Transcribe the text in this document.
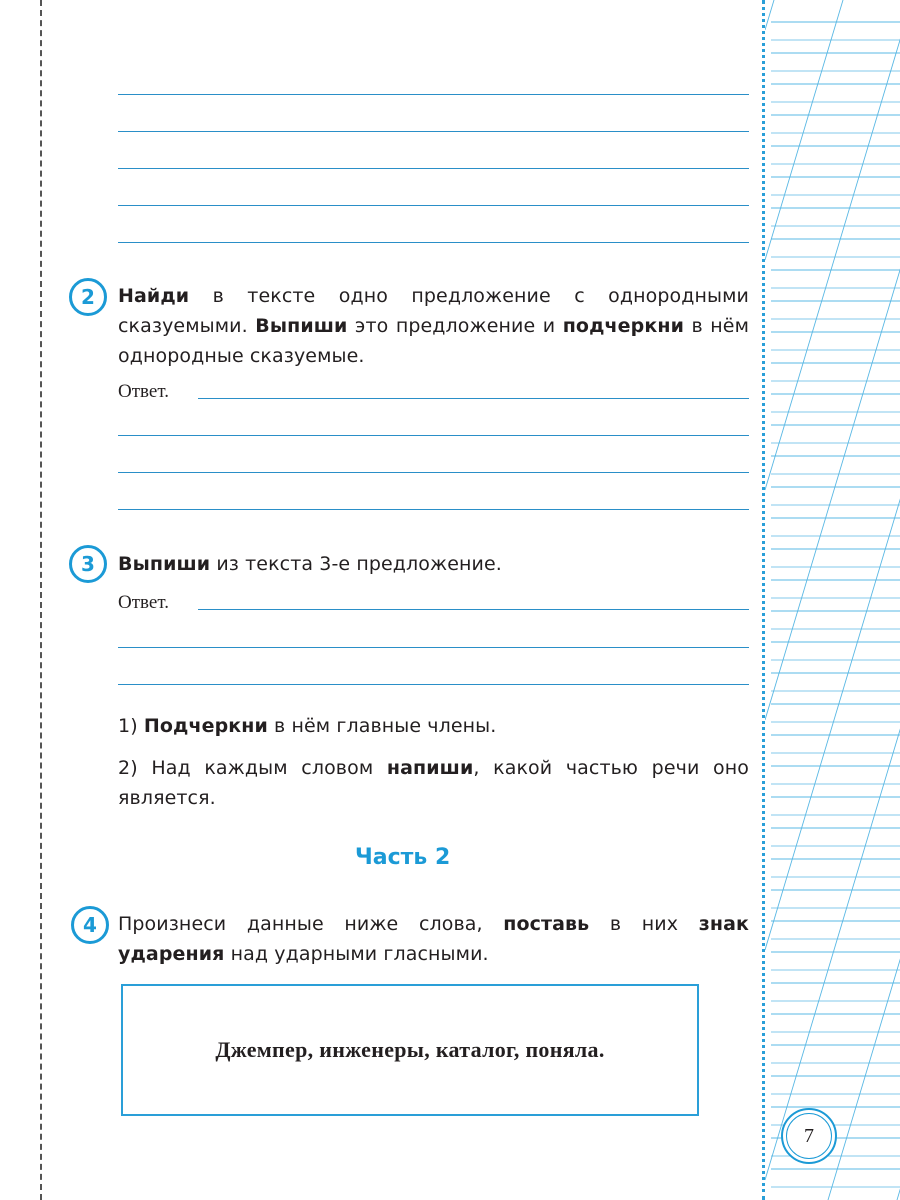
2	Найди в тексте одно предложение с однородными сказуемыми. Выпиши это предложение и подчеркни в нём однородные сказуемые.
Ответ.
3	Выпиши из текста 3-е предложение.
Ответ.
1) Подчеркни в нём главные члены.
2) Над каждым словом напиши, какой частью речи оно является.
Часть 2
4	Произнеси данные ниже слова, поставь в них знак ударения над ударными гласными.
Джемпер, инженеры, каталог, поняла.
7
